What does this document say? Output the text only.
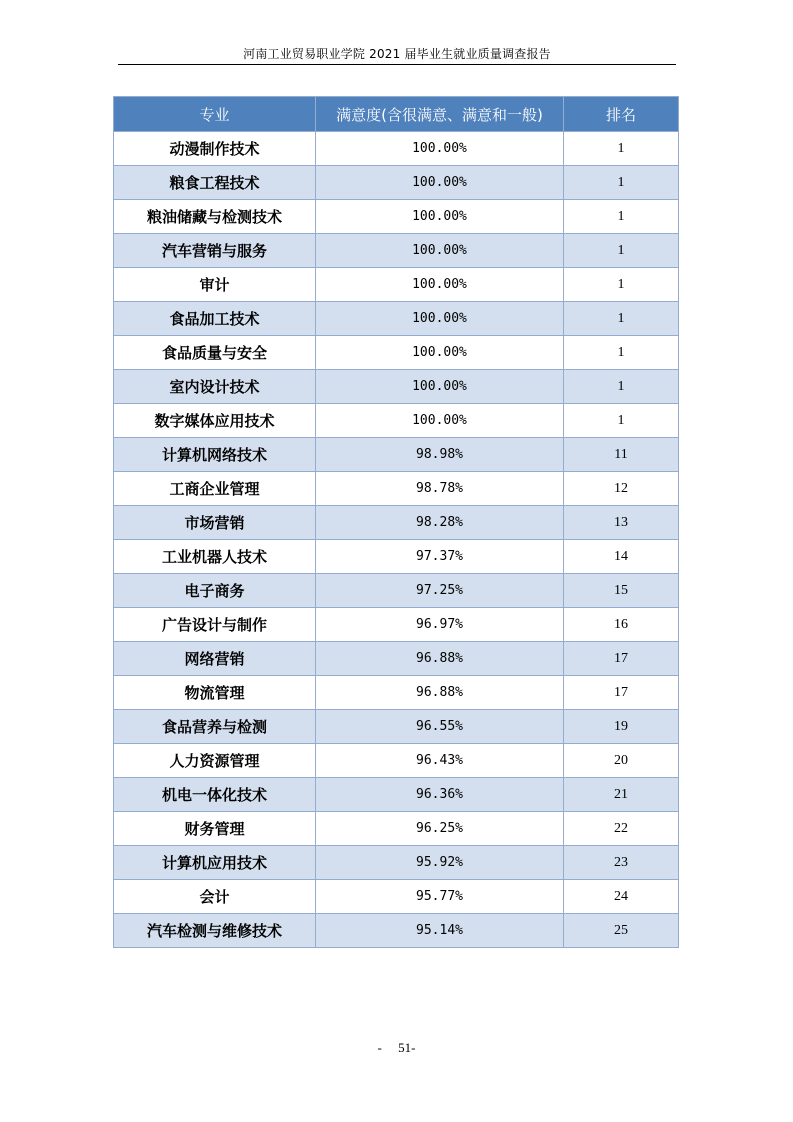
河南工业贸易职业学院 2021 届毕业生就业质量调查报告
专业	满意度(含很满意、满意和一般)	排名
动漫制作技术	100.00%	1
粮食工程技术	100.00%	1
粮油储藏与检测技术	100.00%	1
汽车营销与服务	100.00%	1
审计	100.00%	1
食品加工技术	100.00%	1
食品质量与安全	100.00%	1
室内设计技术	100.00%	1
数字媒体应用技术	100.00%	1
计算机网络技术	98.98%	11
工商企业管理	98.78%	12
市场营销	98.28%	13
工业机器人技术	97.37%	14
电子商务	97.25%	15
广告设计与制作	96.97%	16
网络营销	96.88%	17
物流管理	96.88%	17
食品营养与检测	96.55%	19
人力资源管理	96.43%	20
机电一体化技术	96.36%	21
财务管理	96.25%	22
计算机应用技术	95.92%	23
会计	95.77%	24
汽车检测与维修技术	95.14%	25
-     51-
